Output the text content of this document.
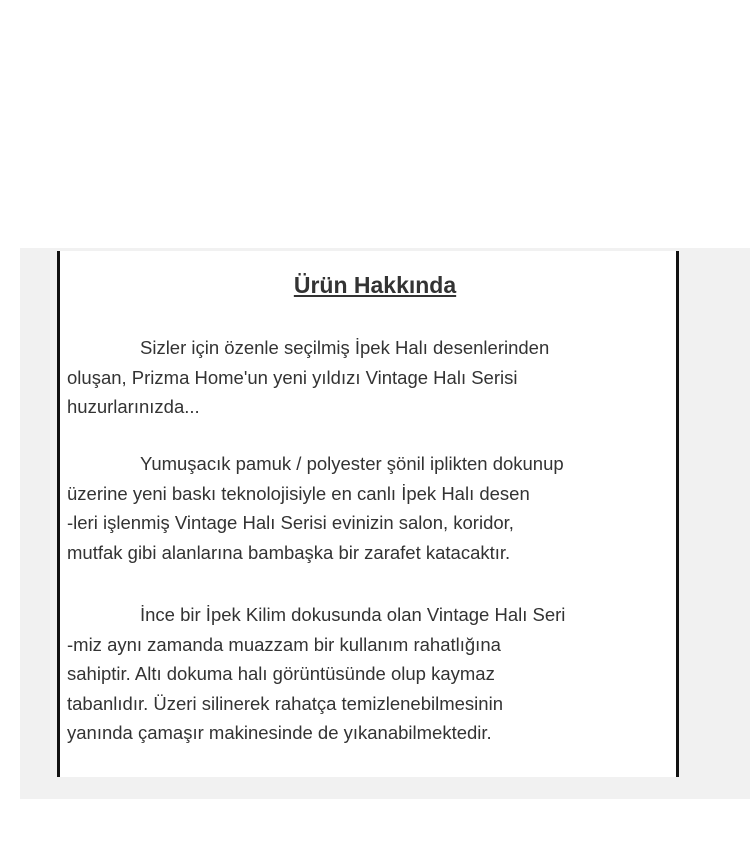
Ürün Hakkında
Sizler için özenle seçilmiş İpek Halı desenlerinden
oluşan, Prizma Home'un yeni yıldızı Vintage Halı Serisi
huzurlarınızda...
Yumuşacık pamuk / polyester şönil iplikten dokunup
üzerine yeni baskı teknolojisiyle en canlı İpek Halı desen
-leri işlenmiş Vintage Halı Serisi evinizin salon, koridor,
mutfak gibi alanlarına bambaşka bir zarafet katacaktır.
İnce bir İpek Kilim dokusunda olan Vintage Halı Seri
-miz aynı zamanda muazzam bir kullanım rahatlığına
sahiptir. Altı dokuma halı görüntüsünde olup kaymaz
tabanlıdır. Üzeri silinerek rahatça temizlenebilmesinin
yanında çamaşır makinesinde de yıkanabilmektedir.
